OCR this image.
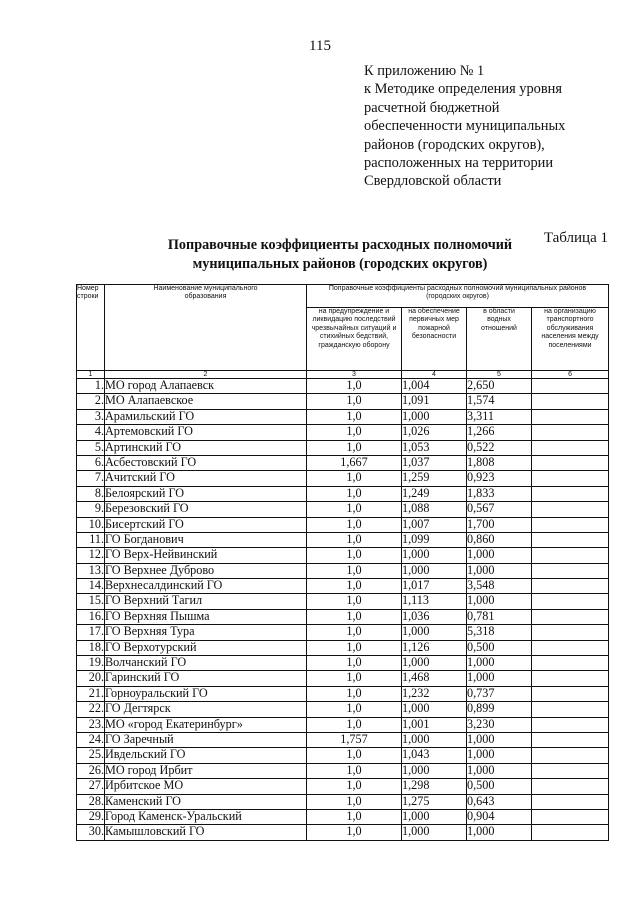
115
К приложению № 1
к Методике определения уровня
расчетной бюджетной
обеспеченности муниципальных
районов (городских округов),
расположенных на территории
Свердловской области
Таблица 1
Поправочные коэффициенты расходных полномочий
муниципальных районов (городских округов)
Номер строки	Наименование муниципального образования	Поправочные коэффициенты расходных полномочий муниципальных районов (городских округов)			
		на предупреждение и ликвидацию последствий чрезвычайных ситуаций и стихийных бедствий, гражданскую оборону	на обеспечение первичных мер пожарной безопасности	в области водных отношений	на организацию транспортного обслуживания населения между поселениями
1	2	3	4	5	6
1.	МО город Алапаевск	1,0	1,004	2,650	
2.	МО Алапаевское	1,0	1,091	1,574	
3.	Арамильский ГО	1,0	1,000	3,311	
4.	Артемовский ГО	1,0	1,026	1,266	
5.	Артинский ГО	1,0	1,053	0,522	
6.	Асбестовский ГО	1,667	1,037	1,808	
7.	Ачитский ГО	1,0	1,259	0,923	
8.	Белоярский ГО	1,0	1,249	1,833	
9.	Березовский ГО	1,0	1,088	0,567	
10.	Бисертский ГО	1,0	1,007	1,700	
11.	ГО Богданович	1,0	1,099	0,860	
12.	ГО Верх-Нейвинский	1,0	1,000	1,000	
13.	ГО Верхнее Дуброво	1,0	1,000	1,000	
14.	Верхнесалдинский ГО	1,0	1,017	3,548	
15.	ГО Верхний Тагил	1,0	1,113	1,000	
16.	ГО Верхняя Пышма	1,0	1,036	0,781	
17.	ГО Верхняя Тура	1,0	1,000	5,318	
18.	ГО Верхотурский	1,0	1,126	0,500	
19.	Волчанский ГО	1,0	1,000	1,000	
20.	Гаринский ГО	1,0	1,468	1,000	
21.	Горноуральский ГО	1,0	1,232	0,737	
22.	ГО Дегтярск	1,0	1,000	0,899	
23.	МО «город Екатеринбург»	1,0	1,001	3,230	
24.	ГО Заречный	1,757	1,000	1,000	
25.	Ивдельский ГО	1,0	1,043	1,000	
26.	МО город Ирбит	1,0	1,000	1,000	
27.	Ирбитское МО	1,0	1,298	0,500	
28.	Каменский ГО	1,0	1,275	0,643	
29.	Город Каменск-Уральский	1,0	1,000	0,904	
30.	Камышловский ГО	1,0	1,000	1,000	
